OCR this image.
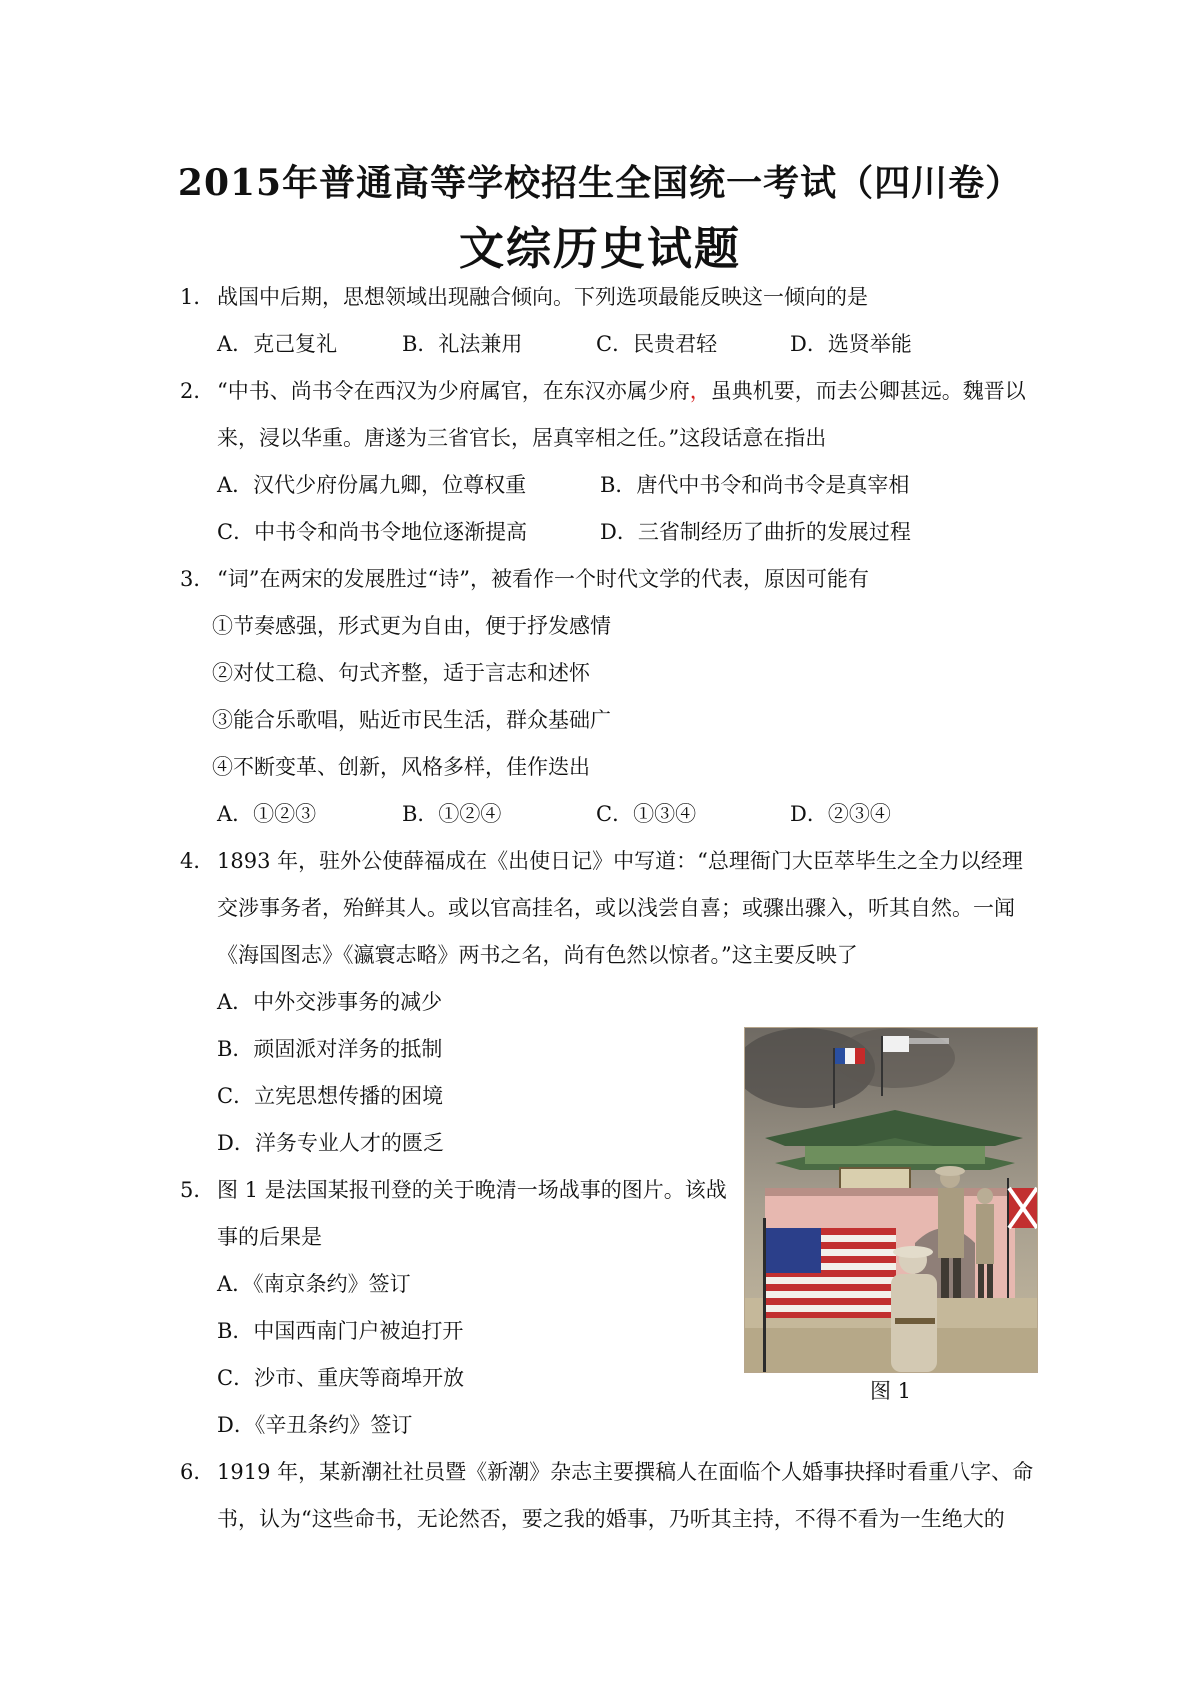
2015年普通高等学校招生全国统一考试（四川卷）
文综历史试题
1． 战国中后期，思想领域出现融合倾向。下列选项最能反映这一倾向的是
A．克己复礼	B．礼法兼用	C．民贵君轻	D．选贤举能
2． “中书、尚书令在西汉为少府属官，在东汉亦属少府，虽典机要，而去公卿甚远。魏晋以
来，浸以华重。唐遂为三省官长，居真宰相之任。”这段话意在指出
A．汉代少府份属九卿，位尊权重	B．唐代中书令和尚书令是真宰相
C．中书令和尚书令地位逐渐提高	D．三省制经历了曲折的发展过程
3． “词”在两宋的发展胜过“诗”，被看作一个时代文学的代表，原因可能有
①节奏感强，形式更为自由，便于抒发感情
②对仗工稳、句式齐整，适于言志和述怀
③能合乐歌唱，贴近市民生活，群众基础广
④不断变革、创新，风格多样，佳作迭出
A．①②③	B．①②④	C．①③④	D．②③④
4． 1893 年，驻外公使薛福成在《出使日记》中写道：“总理衙门大臣萃毕生之全力以经理
交涉事务者，殆鲜其人。或以官高挂名，或以浅尝自喜；或骤出骤入，听其自然。一闻
《海国图志》《瀛寰志略》两书之名，尚有色然以惊者。”这主要反映了
A．中外交涉事务的减少
B．顽固派对洋务的抵制
C．立宪思想传播的困境
D．洋务专业人才的匮乏
5． 图 1 是法国某报刊登的关于晚清一场战事的图片。该战
事的后果是
A．《南京条约》签订
B．中国西南门户被迫打开
C．沙市、重庆等商埠开放
D．《辛丑条约》签订
图 1
6． 1919 年，某新潮社社员暨《新潮》杂志主要撰稿人在面临个人婚事抉择时看重八字、命
书，认为“这些命书，无论然否，要之我的婚事，乃听其主持，不得不看为一生绝大的
